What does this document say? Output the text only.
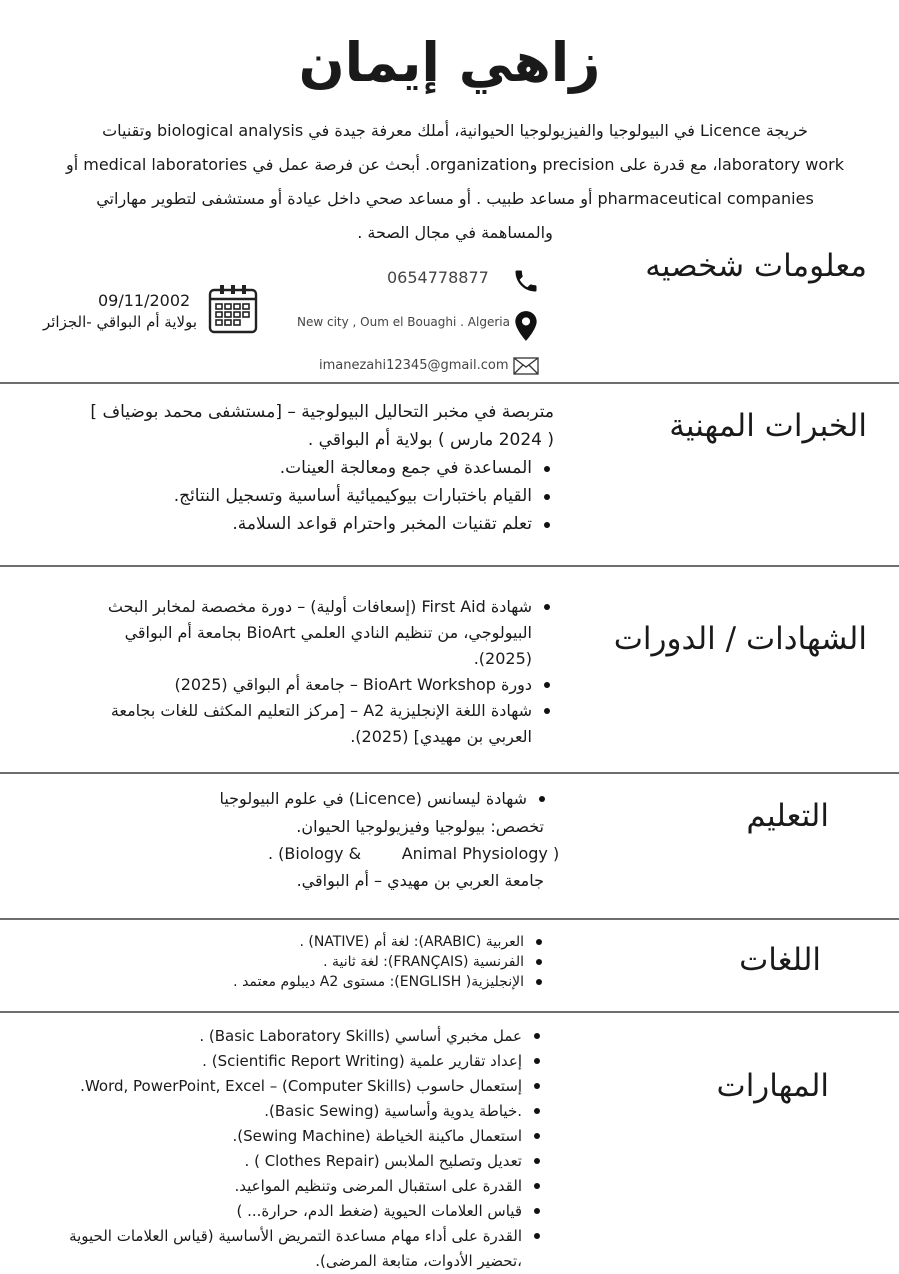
زاهي إيمان
خريجة Licence في البيولوجيا والفيزيولوجيا الحيوانية، أملك معرفة جيدة في biological analysis وتقنيات laboratory work، مع قدرة على precision وorganization. أبحث عن فرصة عمل في medical laboratories أو pharmaceutical companies أو مساعد طبيب . أو مساعد صحي داخل عيادة أو مستشفى لتطوير مهاراتي والمساهمة في مجال الصحة .
معلومات شخصيه
0654778877
New city , Oum el Bouaghi . Algeria
imanezahi12345@gmail.com
09/11/2002
بولاية أم البواقي -الجزائر
الخبرات المهنية
متربصة في مخبر التحاليل البيولوجية – [مستشفى محمد بوضياف ]
( 2024 مارس ) بولاية أم البواقي .
المساعدة في جمع ومعالجة العينات.
القيام باختبارات بيوكيميائية أساسية وتسجيل النتائج.
تعلم تقنيات المخبر واحترام قواعد السلامة.
الشهادات / الدورات
شهادة First Aid (إسعافات أولية) – دورة مخصصة لمخابر البحث البيولوجي، من تنظيم النادي العلمي BioArt بجامعة أم البواقي (2025).
دورة BioArt Workshop – جامعة أم البواقي (2025)
شهادة اللغة الإنجليزية A2 – [مركز التعليم المكثف للغات بجامعة العربي بن مهيدي] (2025).
التعليم
شهادة ليسانس (Licence) في علوم البيولوجيا
تخصص: بيولوجيا وفيزيولوجيا الحيوان.
. (Biology &        Animal Physiology )
جامعة العربي بن مهيدي – أم البواقي.
اللغات
العربية (ARABIC): لغة أم (NATIVE) .
الفرنسية (FRANÇAIS): لغة ثانية .
الإنجليزية( ENGLISH): مستوى A2 ديبلوم معتمد .
المهارات
عمل مخبري أساسي (Basic Laboratory Skills) .
إعداد تقارير علمية (Scientific Report Writing) .
إستعمال حاسوب (Computer Skills) – Word, PowerPoint, Excel.
.خياطة يدوية وأساسية (Basic Sewing).
استعمال ماكينة الخياطة (Sewing Machine).
تعديل وتصليح الملابس (Clothes Repair ) .
القدرة على استقبال المرضى وتنظيم المواعيد.
قياس العلامات الحيوية (ضغط الدم، حرارة... )
القدرة على أداء مهام مساعدة التمريض الأساسية (قياس العلامات الحيوية ،تحضير الأدوات، متابعة المرضى).
